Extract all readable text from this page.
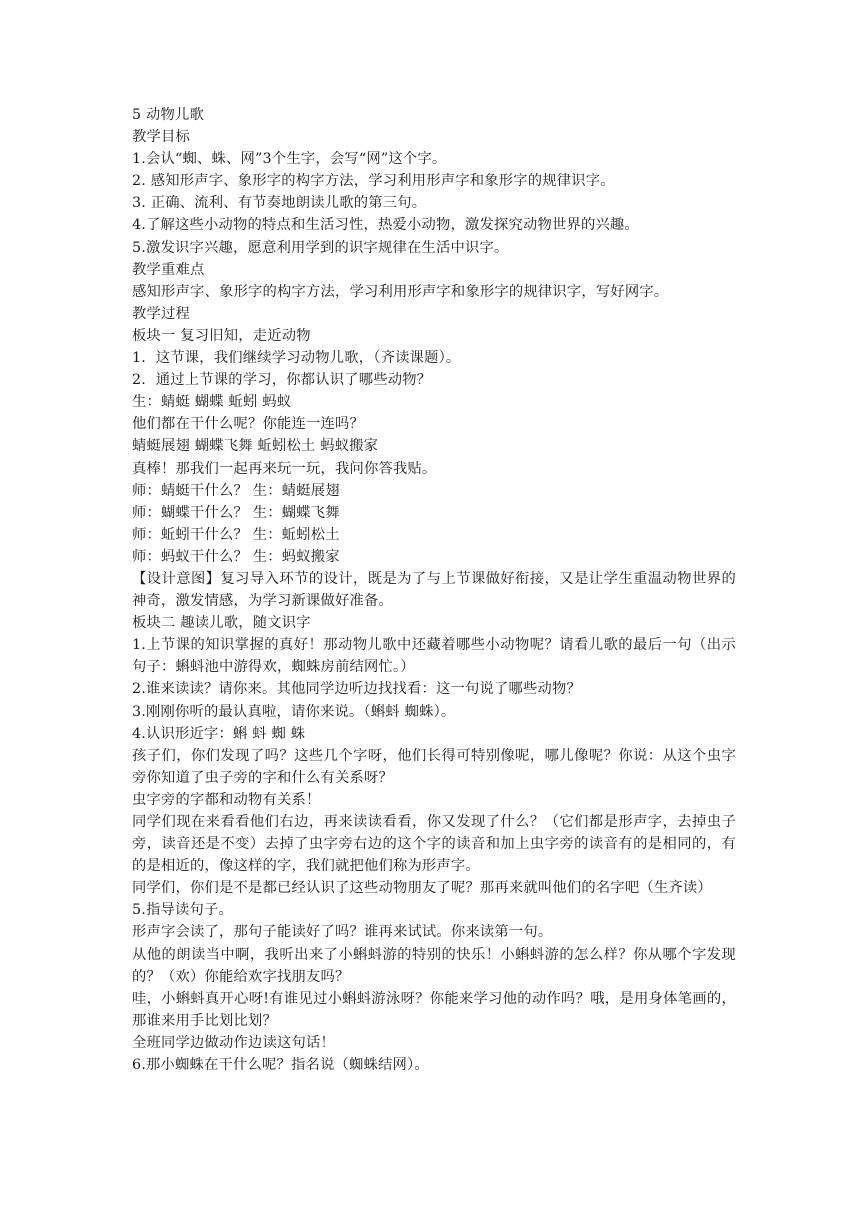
5 动物儿歌

教学目标

1.会认“蜘、蛛、网”3个生字，会写“网”这个字。

2. 感知形声字、象形字的构字方法，学习利用形声字和象形字的规律识字。

3. 正确、流利、有节奏地朗读儿歌的第三句。

4.了解这些小动物的特点和生活习性，热爱小动物，激发探究动物世界的兴趣。

5.激发识字兴趣，愿意利用学到的识字规律在生活中识字。

教学重难点

感知形声字、象形字的构字方法，学习利用形声字和象形字的规律识字，写好网字。

教学过程

板块一 复习旧知，走近动物

1．这节课，我们继续学习动物儿歌，（齐读课题）。

2．通过上节课的学习，你都认识了哪些动物？

生：蜻蜓 蝴蝶 蚯蚓 蚂蚁

他们都在干什么呢？你能连一连吗？

蜻蜓展翅 蝴蝶飞舞 蚯蚓松土 蚂蚁搬家

真棒！那我们一起再来玩一玩，我问你答我贴。

师：蜻蜓干什么？ 生：蜻蜓展翅

师：蝴蝶干什么？ 生：蝴蝶飞舞

师：蚯蚓干什么？ 生：蚯蚓松土

师：蚂蚁干什么？ 生：蚂蚁搬家

【设计意图】复习导入环节的设计，既是为了与上节课做好衔接，又是让学生重温动物世界的神奇，激发情感，为学习新课做好准备。

板块二 趣读儿歌，随文识字

1.上节课的知识掌握的真好！那动物儿歌中还藏着哪些小动物呢？请看儿歌的最后一句（出示句子：蝌蚪池中游得欢，蜘蛛房前结网忙。）

2.谁来读读？请你来。其他同学边听边找找看：这一句说了哪些动物？

3.刚刚你听的最认真啦，请你来说。（蝌蚪 蜘蛛）。

4.认识形近字：蝌 蚪 蜘 蛛

孩子们，你们发现了吗？这些几个字呀，他们长得可特别像呢，哪儿像呢？你说：从这个虫字旁你知道了虫子旁的字和什么有关系呀？

虫字旁的字都和动物有关系！

同学们现在来看看他们右边，再来读读看看，你又发现了什么？（它们都是形声字，去掉虫子旁，读音还是不变）去掉了虫字旁右边的这个字的读音和加上虫字旁的读音有的是相同的，有的是相近的，像这样的字，我们就把他们称为形声字。

同学们，你们是不是都已经认识了这些动物朋友了呢？那再来就叫他们的名字吧（生齐读）

5.指导读句子。

形声字会读了，那句子能读好了吗？谁再来试试。你来读第一句。

从他的朗读当中啊，我听出来了小蝌蚪游的特别的快乐！小蝌蚪游的怎么样？你从哪个字发现的？（欢）你能给欢字找朋友吗？

哇，小蝌蚪真开心呀!有谁见过小蝌蚪游泳呀？你能来学习他的动作吗？哦，是用身体笔画的，那谁来用手比划比划？

全班同学边做动作边读这句话！

6.那小蜘蛛在干什么呢？指名说（蜘蛛结网）。
